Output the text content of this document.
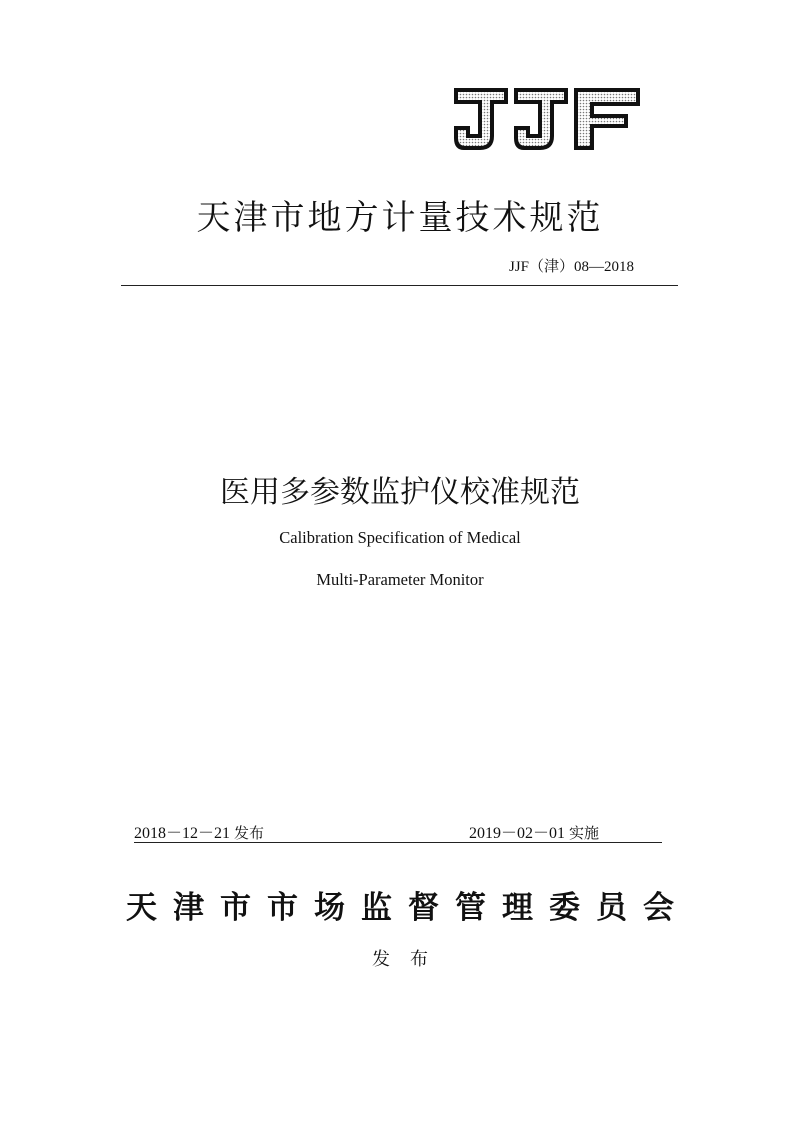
天津市地方计量技术规范
JJF（津）08—2018
医用多参数监护仪校准规范
Calibration Specification of Medical
Multi-Parameter Monitor
2018－12－21 发布	2019－02－01 实施
天津市市场监督管理委员会
发布
